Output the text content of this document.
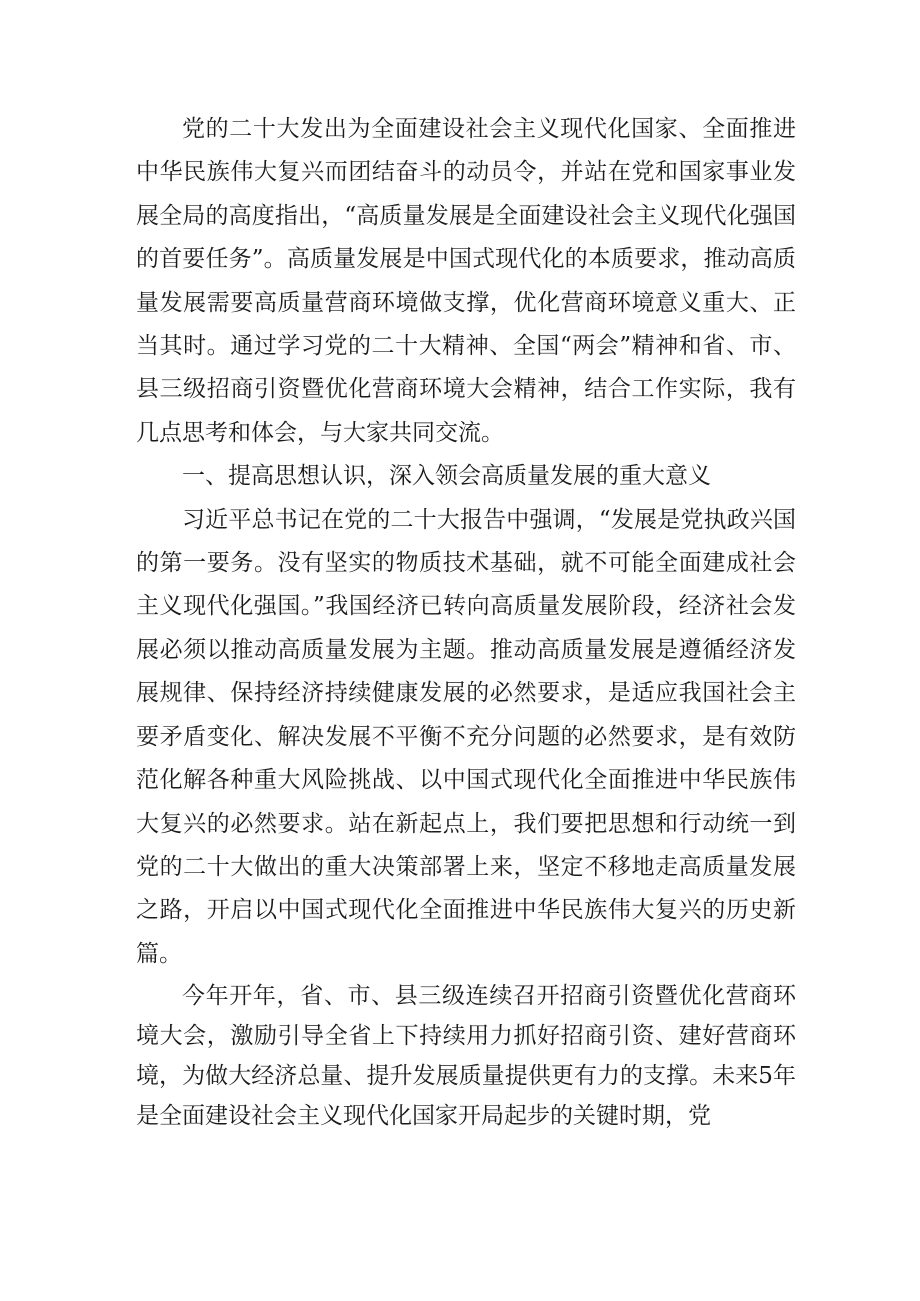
党的二十大发出为全面建设社会主义现代化国家、全面推进中华民族伟大复兴而团结奋斗的动员令，并站在党和国家事业发展全局的高度指出，“高质量发展是全面建设社会主义现代化强国的首要任务”。高质量发展是中国式现代化的本质要求，推动高质量发展需要高质量营商环境做支撑，优化营商环境意义重大、正当其时。通过学习党的二十大精神、全国“两会”精神和省、市、县三级招商引资暨优化营商环境大会精神，结合工作实际，我有几点思考和体会，与大家共同交流。

一、提高思想认识，深入领会高质量发展的重大意义

习近平总书记在党的二十大报告中强调，“发展是党执政兴国的第一要务。没有坚实的物质技术基础，就不可能全面建成社会主义现代化强国。”我国经济已转向高质量发展阶段，经济社会发展必须以推动高质量发展为主题。推动高质量发展是遵循经济发展规律、保持经济持续健康发展的必然要求，是适应我国社会主要矛盾变化、解决发展不平衡不充分问题的必然要求，是有效防范化解各种重大风险挑战、以中国式现代化全面推进中华民族伟大复兴的必然要求。站在新起点上，我们要把思想和行动统一到党的二十大做出的重大决策部署上来，坚定不移地走高质量发展之路，开启以中国式现代化全面推进中华民族伟大复兴的历史新篇。

今年开年，省、市、县三级连续召开招商引资暨优化营商环境大会，激励引导全省上下持续用力抓好招商引资、建好营商环境，为做大经济总量、提升发展质量提供更有力的支撑。未来5年是全面建设社会主义现代化国家开局起步的关键时期，党
